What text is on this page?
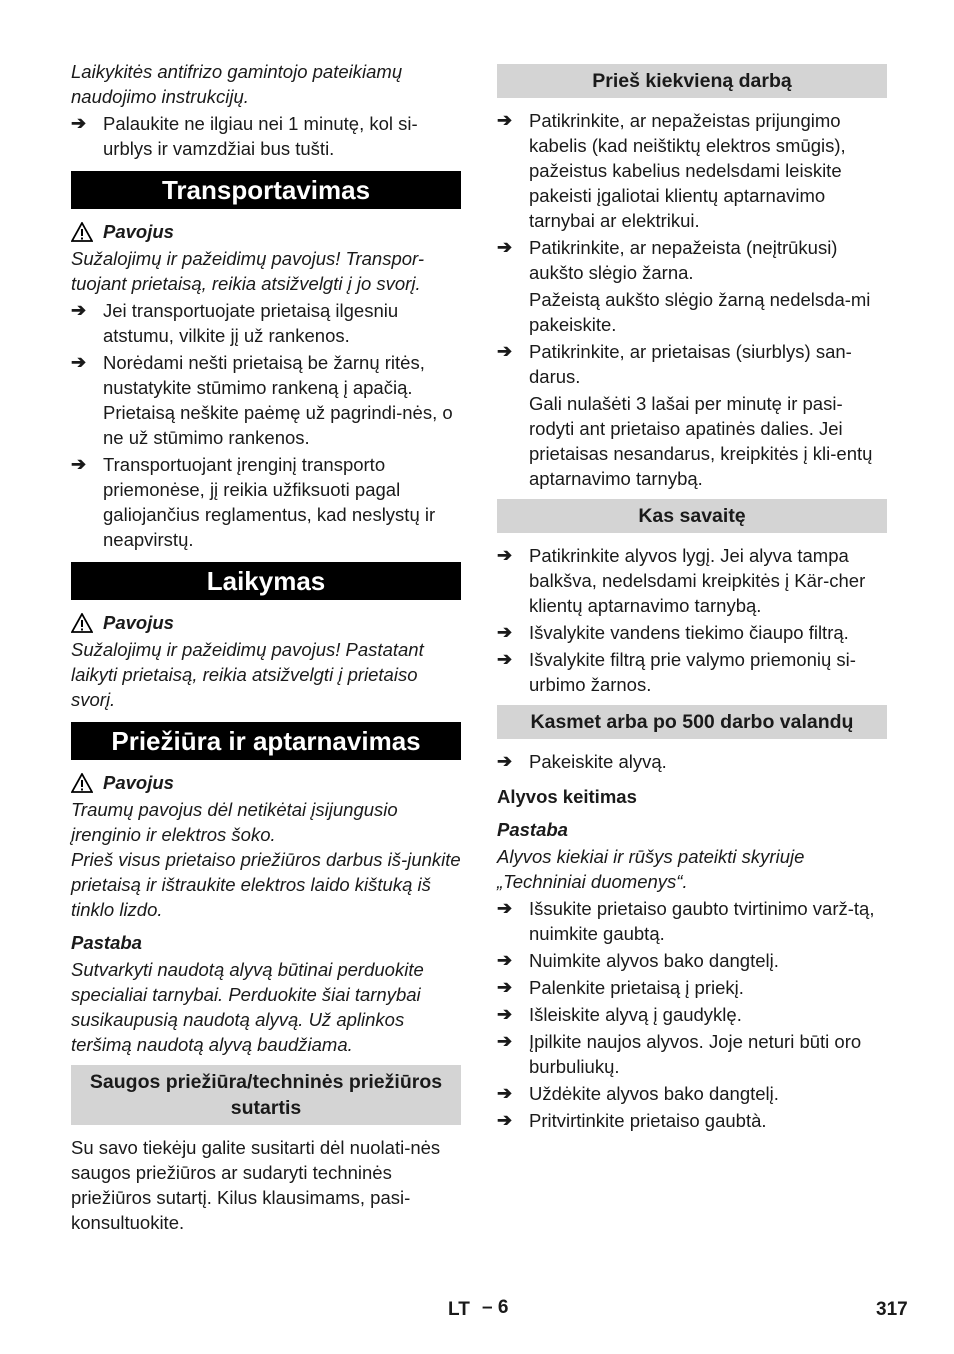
Laikykitės antifrizo gamintojo pateikiamų naudojimo instrukcijų.

➔ Palaukite ne ilgiau nei 1 minutę, kol si-urblys ir vamzdžiai bus tušti.
Transportavimas
Pavojus

Sužalojimų ir pažeidimų pavojus! Transpor-tuojant prietaisą, reikia atsižvelgti į jo svorį.

➔ Jei transportuojate prietaisą ilgesniu atstumu, vilkite jį už rankenos.
➔ Norėdami nešti prietaisą be žarnų ritės, nustatykite stūmimo rankeną į apačią. Prietaisą neškite paėmę už pagrindi-nės, o ne už stūmimo rankenos.
➔ Transportuojant įrenginį transporto priemonėse, jį reikia užfiksuoti pagal galiojančius reglamentus, kad neslystų ir neapvirstų.
Laikymas
Pavojus

Sužalojimų ir pažeidimų pavojus! Pastatant laikyti prietaisą, reikia atsižvelgti į prietaiso svorį.

Priežiūra ir aptarnavimas
Pavojus

Traumų pavojus dėl netikėtai įsijungusio įrenginio ir elektros šoko.

Prieš visus prietaiso priežiūros darbus iš-junkite prietaisą ir ištraukite elektros laido kištuką iš tinklo lizdo.

Pastaba

Sutvarkyti naudotą alyvą būtinai perduokite specialiai tarnybai. Perduokite šiai tarnybai susikaupusią naudotą alyvą. Už aplinkos teršimą naudotą alyvą baudžiama.

Saugos priežiūra/techninės priežiūros sutartis

Su savo tiekėju galite susitarti dėl nuolati-nės saugos priežiūros ar sudaryti techninės priežiūros sutartį. Kilus klausimams, pasi-konsultuokite.

Prieš kiekvieną darbą
➔ Patikrinkite, ar nepažeistas prijungimo kabelis (kad neištiktų elektros smūgis), pažeistus kabelius nedelsdami leiskite pakeisti įgaliotai klientų aptarnavimo tarnybai ar elektrikui.
➔ Patikrinkite, ar nepažeista (neįtrūkusi) aukšto slėgio žarna.

Pažeistą aukšto slėgio žarną nedelsda-mi pakeiskite.

➔ Patikrinkite, ar prietaisas (siurblys) san-darus.

Gali nulašėti 3 lašai per minutę ir pasi-rodyti ant prietaiso apatinės dalies. Jei prietaisas nesandarus, kreipkitės į kli-entų aptarnavimo tarnybą.

Kas savaitę
➔ Patikrinkite alyvos lygį. Jei alyva tampa balkšva, nedelsdami kreipkitės į Kär-cher klientų aptarnavimo tarnybą.
➔ Išvalykite vandens tiekimo čiaupo filtrą.
➔ Išvalykite filtrą prie valymo priemonių si-urbimo žarnos.
Kasmet arba po 500 darbo valandų
➔ Pakeiskite alyvą.
Alyvos keitimas
Pastaba

Alyvos kiekiai ir rūšys pateikti skyriuje „Techniniai duomenys“.

➔ Išsukite prietaiso gaubto tvirtinimo varž-tą, nuimkite gaubtą.
➔ Nuimkite alyvos bako dangtelį.
➔ Palenkite prietaisą į priekį.
➔ Išleiskite alyvą į gaudyklę.
➔ Įpilkite naujos alyvos. Joje neturi būti oro burbuliukų.
➔ Uždėkite alyvos bako dangtelį.
➔ Pritvirtinkite prietaiso gaubtà.
LT – 6	317
